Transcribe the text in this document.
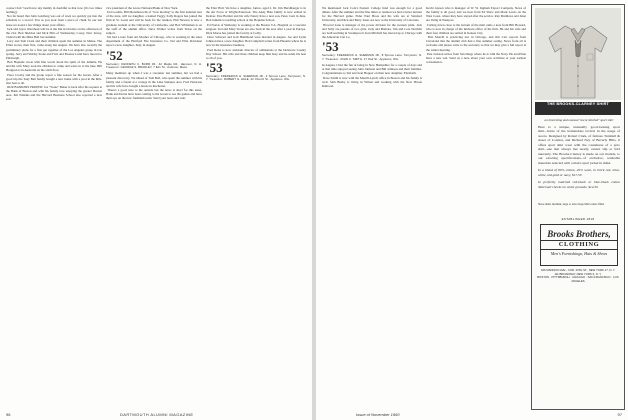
course Club "reach new sky mainly in doubtful as that now (it's two times nothing).
Not far heard that John Goldberg was out of town we quickly got into the schedule to a record. You as you look from a piece of chalk. In our last issue we noted a few things about your affairs.
Jack and Joyce Osterhout will be at the Inn in October on the afternoon of the 21st. Bob Sheldon and Dick Ellis of Wednesday, Cosey, New Jersey, visited with the Mike Bell last summer.
Lucy and Tom Clark and their children spent the summer in Maine. The Elliot Gores, their first, came along last August. We have also recently the preliminary plans for a first get together of the Los Angeles group in late spring. Jerry and Shirley Stone and Fritz and Eleanor Lund have moved to Pittsburgh.
Bob Hopkins wrote with fine words about the spirit of the Jemmie. He and his wife Mary took the children to camp and went on to the lake. Bill Hodgson is in Australia on the sixth floor.
Peter Crosby and the group report a fine season for the Green. After a good trip the Tony Bell family bought a new home with a pool in the hills. Our best to all.
OUR BANKERS PROPER: Joe "Stone" Baker is back after his sojourn at the Bank of Boston and with his family now enjoying the greater Boston area. Jim Watkins and the Harvard Business School also reported a new son.
vice president of the Grove National Bank of New York.
Ted Loomis, Bill Monahan tells of "now moving" to the first national tour of the state, will we daughter, a named Peggy. Sally Rogers has joined the firm in St. Louis and will be back for the reunion. Phil Newton is now a graduate student at the University of California, and Bob Whiteman is on the staff of the alumni office. Dave Walker writes from Texas on the subject.
We had a note from Art Mosher of Chicago, who is working in the sales department of the Hartford Fire Insurance Co. Ted and Ellie Davidson report a new daughter, Judy, in August.
'52
Secretary: KENNETH C. BURR JR., 42 Maple Rd., Hanover, N. H. Treasurer: GEORGE S. BRADLEY, 7 Elm St., Andover, Mass.
Many members up when I was a caretaker last summer, but we had a pleasant discovery. We talked of Tom Bell, who spent the summer with his family and a friend at a cottage in the Lake Sunapee area. Fred Patterson and his wife have bought a house in Rochester.
There's a good note to the outside but the news is short for this issue. Hank and Dottie have been coming to the Green to see the games and have their eye on the new freshman team. Send your news and wait.
the Eliot Hall. We have a daughter, Janice, aged 2. Dr. Jim Hershberger is in the Air Force at Wright-Patterson. The Andy Hale family is now settled in Denver. Pete Bartlett and his wife Nancy have a new son, Peter, born in June. Bob Jenkins is teaching school at the Hopkins School.
Ed Norris of Wellesley is working at the Boston V.A. Hospital as a vascular surgeon. Ted and Mary Stone are also back in the area after a year in Europe. Dick Morse has joined the faculty at Colby.
Dave Schwarz and Gail Hammond were married in August. Joe and Lydia Johnson have a new daughter. Bob Campbell writes from Phoenix where he is now in the insurance business.
Fred Reiss is now assistant director of admissions at the Delaware County Day School. His wife and three children keep him busy and he sends his best to all of you.
'53
Secretary: FREDERICK H. SHERMAN JR., 4 Spruce Lane, Tarrytown, N. Y. Treasurer: ROBERT G. HALE, 22 Church St., Appleton, Wis.
96	DARTMOUTH ALUMNI MAGAZINE
We mentioned Jack Cole's Eastern College fund was enough for a good dinner. After the summer and the fine times at reunion we had a better turnout for the Harvard game. Elder Paul Bross and his wife are at Stanford University, and Dick and Betty Jones are now at the University of Colorado.
Howard Lane is manager of the power division for the western plant. Jack and Sally are parents of two girls, Judy and Barbara. Jim and Lois Newhall are both teaching in Swampscott. Ken Mitchell has moved up to Chicago with the American Can Co.
'53
Secretary: FREDERICK H. SHERMAN JR., 8 Spruce Lane, Tarrytown, N. Y. Treasurer: JOHN C. SMITH, 17 Oak St., Appleton, Wis.
In August, I had the fun of being in New Hampshire for a couple of days and at that time enjoyed seeing John Johnson and Bill Johnson and their families. Congratulations to Ted and Joan Hopper on their new daughter, Elizabeth.
Dave Smith is now with the Merrill-Lynch office in Boston and his family is well. Sam Buzby is living in Wilton and working with the New Haven Railroad.
Kevin Jepson who is manager of W. W. Ingham Export Company. News of the family is all good, and we hear from Ed Shaw and Mark Lewis on the West Coast, where they have stayed after the service. Ray Matthews and Janet are living in Westport.
Carling down close to the bottom of the mail came a note from Bill Howard, who is now in charge of the midwest office of his firm. He and his wife and their four children are settled in Kansas City.
Bob Morrill is practicing law in Chicago, and Jim Carr reports from Cleveland that the alumni club had a fine summer outing. News from all is welcome and please write to the secretary so that we may give a full report at the winter meeting.
Pete Jackson writes from San Diego where he is with the Navy. He and Ellen have a new son. Send us a note about your own activities at your earliest convenience.
THE BROOKS-CLARNEY SHIRT

an interesting and unusual "ascot stitched" sport shirt

Here is a unique, unusually good-looking sport shirt...borne of the tremendous revival in the usage of ascots. Designed by Robert Clark, of famous Turnbull & Asser of London, and Richard Ney of Beverly Hills, it offers sport shirt wear with the casualness of a polo shirt...one that always ties neatly, cannot slip or fold unevenly. The Brooks-Clarney is made on our models, to our exacting specifications...of exclusive, washable materials selected with a man's sport jacket in mind.

In a blend of 80% cotton, 20% wool, in brick red, olive, white, old gold or navy, $17.50

In perfectly matched red-black or blue-black cotton Tattersall checks on white grounds, $14.50

Sizes small, medium, large or extra large Mail orders filled
ESTABLISHED 1818
Brooks Brothers,
CLOTHING
Men's Furnishings, Hats & Shoes
346 MADISON AVE., COR. 44TH ST., NEW YORK 17, N. Y.
111 BROADWAY, NEW YORK 6, N. Y.
BOSTON · PITTSBURGH · CHICAGO · SAN FRANCISCO · LOS ANGELES
Issue of November 1960	97
